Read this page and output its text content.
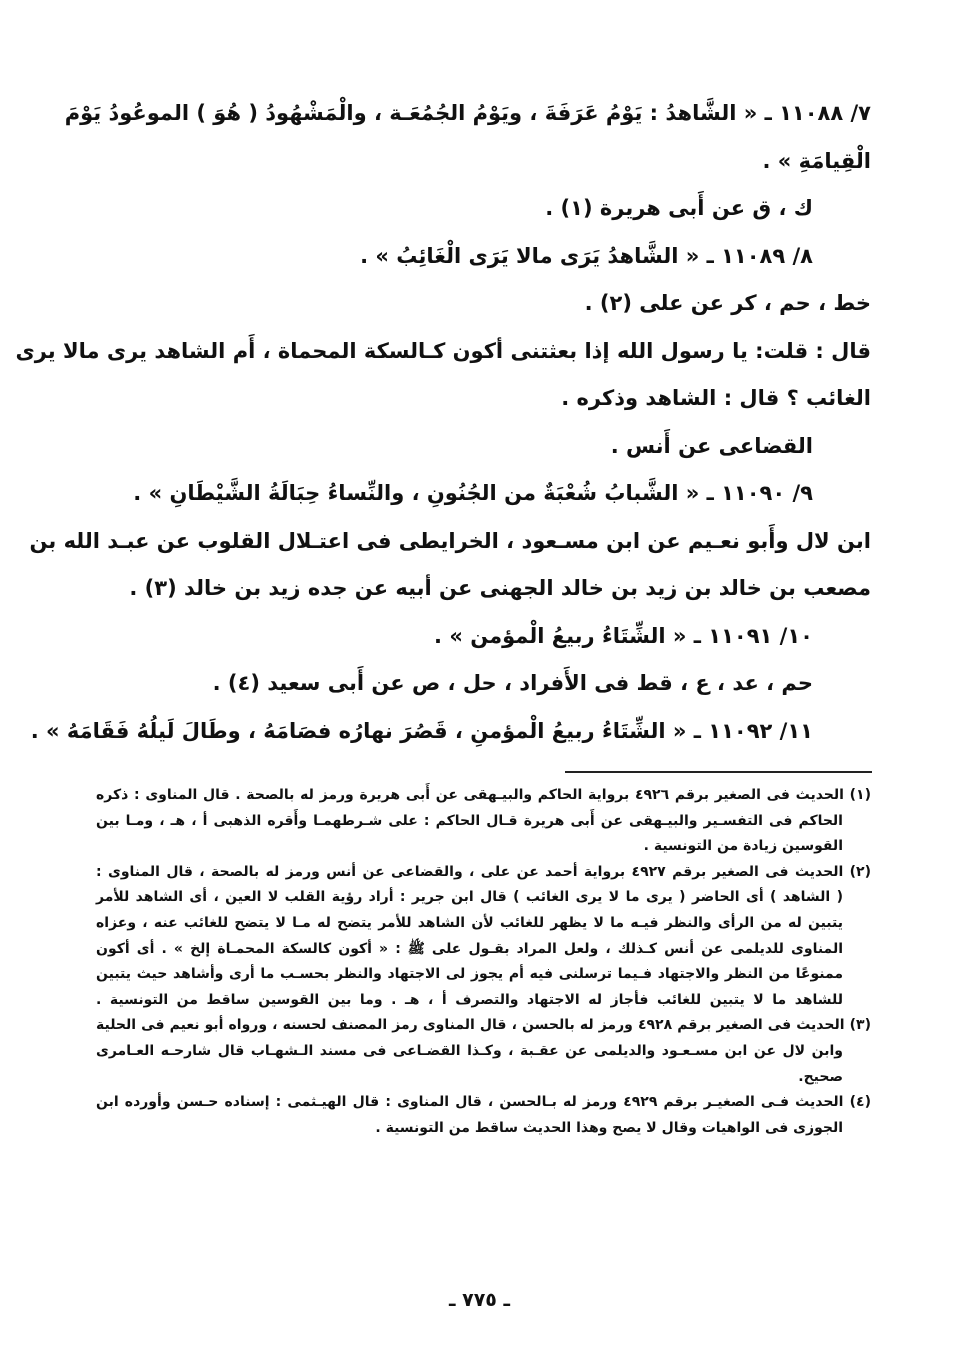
٧/ ١١٠٨٨ ـ « الشَّاهدُ : يَوْمُ عَرَفَةَ ، ويَوْمُ الجُمُعَـة ، والْمَشْهُودُ ( هُوَ ) الموعُودُ يَوْمَ
الْقِيامَةِ » .
ك ، ق عن أَبى هريرة (١) .
٨/ ١١٠٨٩ ـ « الشَّاهدُ يَرَى مالا يَرَى الْغَائِبُ » .
خط ، حم ، كر عن على (٢) .
قال : قلت: يا رسول الله إذا بعثتنى أكون كـالسكة المحماة ، أَم الشاهد يرى مالا يرى
الغائب ؟ قال : الشاهد وذكره .
القضاعى عن أَنس .
٩/ ١١٠٩٠ ـ « الشَّبابُ شُعْبَةٌ من الجُنُونِ ، والنِّساءُ حِبَالَةُ الشَّيْطَانِ » .
ابن لال وأَبو نعـيم عن ابن مسـعود ، الخرايطى فى اعتـلال القلوب عن عبـد الله بن
مصعب بن خالد بن زيد بن خالد الجهنى عن أبيه عن جده زيد بن خالد (٣) .
١٠/ ١١٠٩١ ـ « الشِّتَاءُ ربيعُ الْمؤمن » .
حم ، عد ، ع ، قط فى الأَفراد ، حل ، ص عن أَبى سعيد (٤) .
١١/ ١١٠٩٢ ـ « الشِّتَاءُ ربيعُ الْمؤمنِ ، قَصُرَ نهارُه فصَامَهُ ، وطَالَ لَيلُهُ فَقَامَهُ » .
(١) الحديث فى الصغير برقم ٤٩٢٦ برواية الحاكم والبيـهقى عن أَبى هريرة ورمز له بالصحة . قال المناوى : ذكره
الحاكم فى التفسـير والبيـهقى عن أَبى هريرة قـال الحاكم : على شـرطهمـا وأَقره الذهبى أ ، هـ ، ومـا بين
القوسين زيادة من التونسية .
(٢) الحديث فى الصغير برقم ٤٩٢٧ برواية أحمد عن على ، والقضاعى عن أنس ورمز له بالصحة ، قال المناوى :
( الشاهد ) أى الحاضر ( يرى ما لا يرى الغائب ) قال ابن جرير : أراد رؤية القلب لا العين ، أى الشاهد للأمر
يتبين له من الرأى والنظر فيـه ما لا يظهر للغائب لأن الشاهد للأمر يتضح له مـا لا يتضح للغائب عنه ، وعزاه
المناوى للديلمى عن أنس كـذلك ، ولعل المراد بقـول على ﷺ : « أكون كالسكة المحمـاة إلخ » . أى أكون
ممنوعًا من النظر والاجتهاد فـيما ترسلنى فيه أم يجوز لى الاجتهاد والنظر بحسـب ما أرى وأشاهد حيث يتبين
للشاهد ما لا يتبين للغائب فأجاز له الاجتهاد والتصرف أ ، هـ . وما بين القوسين ساقط من التونسية .
(٣) الحديث فى الصغير برقم ٤٩٢٨ ورمز له بالحسن ، قال المناوى رمز المصنف لحسنه ، ورواه أبو نعيم فى الحلية
وابن لال عن ابن مسـعـود والديلمى عن عقـبة ، وكـذا القضـاعى فى مسند الـشهـاب قال شارحـه العـامرى
صحيح.
(٤) الحديث فـى الصغيـر برقم ٤٩٢٩ ورمز له بـالحسن ، قال المناوى : قال الهيـثمى : إسناده حـسن وأورده ابن
الجوزى فى الواهيات وقال لا يصح وهذا الحديث ساقط من التونسية .
ـ ٧٧٥ ـ
